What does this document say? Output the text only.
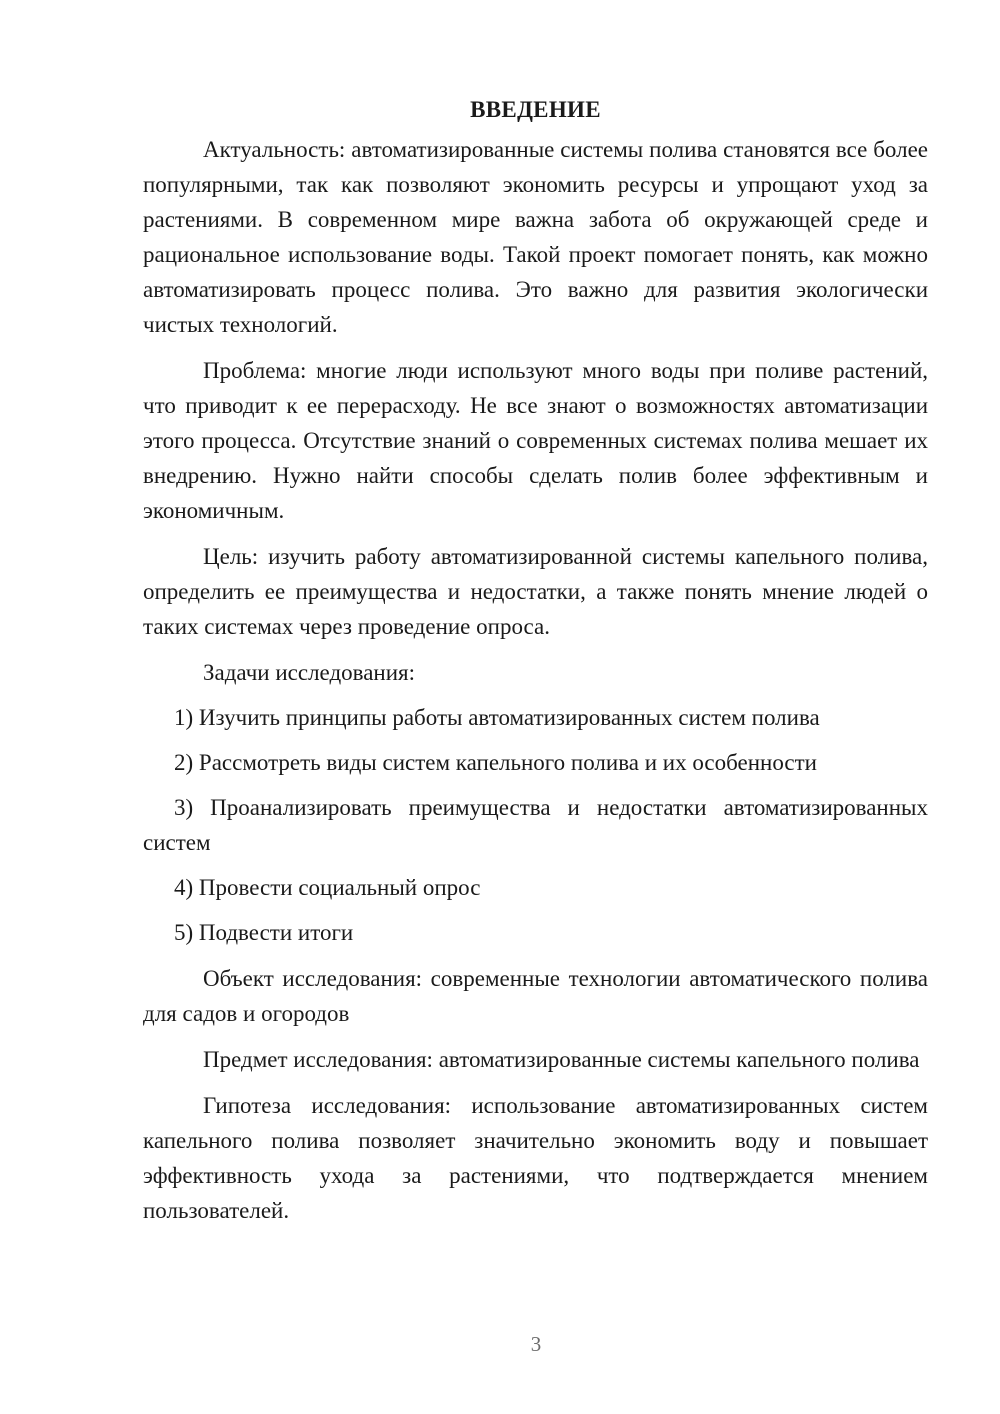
ВВЕДЕНИЕ

Актуальность: автоматизированные системы полива становятся все более популярными, так как позволяют экономить ресурсы и упрощают уход за растениями. В современном мире важна забота об окружающей среде и рациональное использование воды. Такой проект помогает понять, как можно автоматизировать процесс полива. Это важно для развития экологически чистых технологий.

Проблема: многие люди используют много воды при поливе растений, что приводит к ее перерасходу. Не все знают о возможностях автоматизации этого процесса. Отсутствие знаний о современных системах полива мешает их внедрению. Нужно найти способы сделать полив более эффективным и экономичным.

Цель: изучить работу автоматизированной системы капельного полива, определить ее преимущества и недостатки, а также понять мнение людей о таких системах через проведение опроса.

Задачи исследования:

1) Изучить принципы работы автоматизированных систем полива

2) Рассмотреть виды систем капельного полива и их особенности

3) Проанализировать преимущества и недостатки автоматизированных систем

4) Провести социальный опрос

5) Подвести итоги

Объект исследования: современные технологии автоматического полива для садов и огородов

Предмет исследования: автоматизированные системы капельного полива

Гипотеза исследования: использование автоматизированных систем капельного полива позволяет значительно экономить воду и повышает эффективность ухода за растениями, что подтверждается мнением пользователей.

3
